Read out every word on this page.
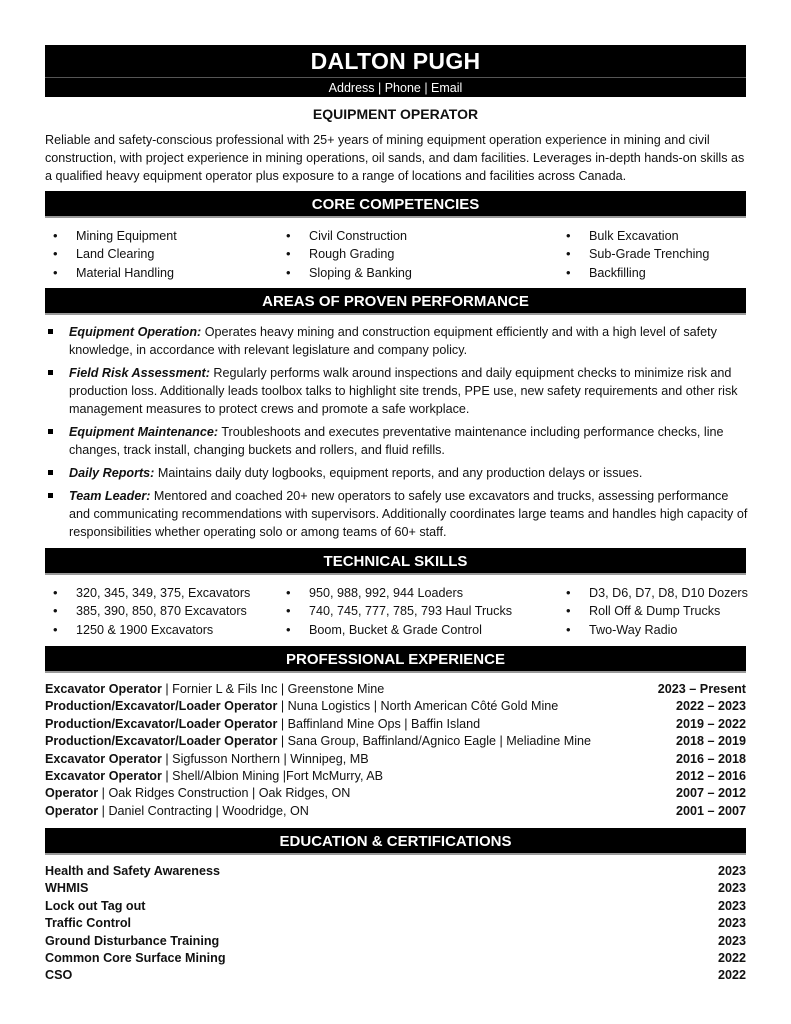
DALTON PUGH
Address | Phone | Email
EQUIPMENT OPERATOR
Reliable and safety-conscious professional with 25+ years of mining equipment operation experience in mining and civil construction, with project experience in mining operations, oil sands, and dam facilities. Leverages in-depth hands-on skills as a qualified heavy equipment operator plus exposure to a range of locations and facilities across Canada.
CORE COMPETENCIES
• Mining Equipment
• Land Clearing
• Material Handling
• Civil Construction
• Rough Grading
• Sloping & Banking
• Bulk Excavation
• Sub-Grade Trenching
• Backfilling
AREAS OF PROVEN PERFORMANCE
Equipment Operation: Operates heavy mining and construction equipment efficiently and with a high level of safety knowledge, in accordance with relevant legislature and company policy.
Field Risk Assessment: Regularly performs walk around inspections and daily equipment checks to minimize risk and production loss. Additionally leads toolbox talks to highlight site trends, PPE use, new safety requirements and other risk management measures to protect crews and promote a safe workplace.
Equipment Maintenance: Troubleshoots and executes preventative maintenance including performance checks, line changes, track install, changing buckets and rollers, and fluid refills.
Daily Reports: Maintains daily duty logbooks, equipment reports, and any production delays or issues.
Team Leader: Mentored and coached 20+ new operators to safely use excavators and trucks, assessing performance and communicating recommendations with supervisors. Additionally coordinates large teams and handles high capacity of responsibilities whether operating solo or among teams of 60+ staff.
TECHNICAL SKILLS
• 320, 345, 349, 375, Excavators
• 385, 390, 850, 870 Excavators
• 1250 & 1900 Excavators
• 950, 988, 992, 944 Loaders
• 740, 745, 777, 785, 793 Haul Trucks
• Boom, Bucket & Grade Control
• D3, D6, D7, D8, D10 Dozers
• Roll Off & Dump Trucks
• Two-Way Radio
PROFESSIONAL EXPERIENCE
Excavator Operator | Fornier L & Fils Inc | Greenstone Mine	2023 – Present
Production/Excavator/Loader Operator | Nuna Logistics | North American Côté Gold Mine	2022 – 2023
Production/Excavator/Loader Operator | Baffinland Mine Ops | Baffin Island	2019 – 2022
Production/Excavator/Loader Operator | Sana Group, Baffinland/Agnico Eagle | Meliadine Mine	2018 – 2019
Excavator Operator | Sigfusson Northern | Winnipeg, MB	2016 – 2018
Excavator Operator | Shell/Albion Mining |Fort McMurry, AB	2012 – 2016
Operator | Oak Ridges Construction | Oak Ridges, ON	2007 – 2012
Operator | Daniel Contracting | Woodridge, ON	2001 – 2007
EDUCATION & CERTIFICATIONS
Health and Safety Awareness	2023
WHMIS	2023
Lock out Tag out	2023
Traffic Control	2023
Ground Disturbance Training	2023
Common Core Surface Mining	2022
CSO	2022
